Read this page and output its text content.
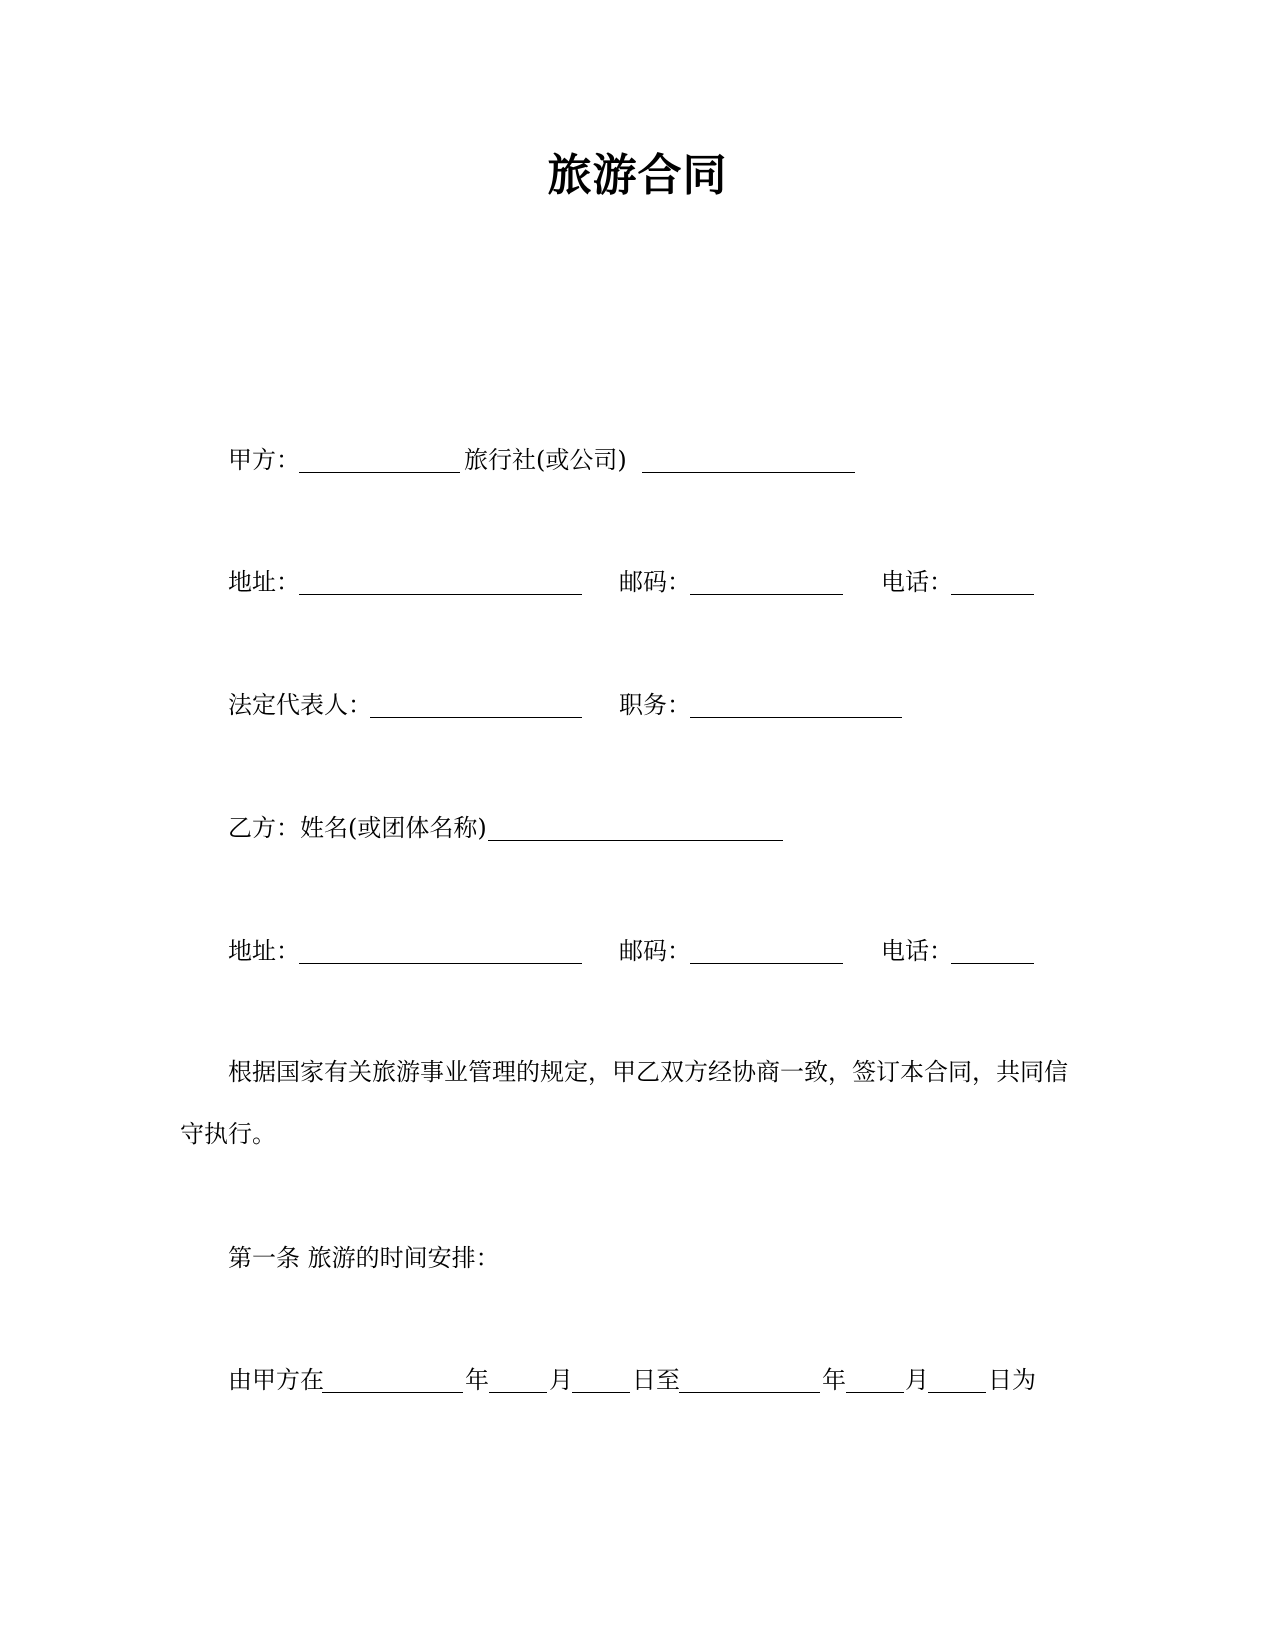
旅游合同
甲方：	旅行社(或公司)
地址：	邮码：	电话：
法定代表人：	职务：
乙方：姓名(或团体名称)
地址：	邮码：	电话：
根据国家有关旅游事业管理的规定，甲乙双方经协商一致，签订本合同，共同信守执行。
第一条 旅游的时间安排：
由甲方在	年	月 日至	年 月 日为
